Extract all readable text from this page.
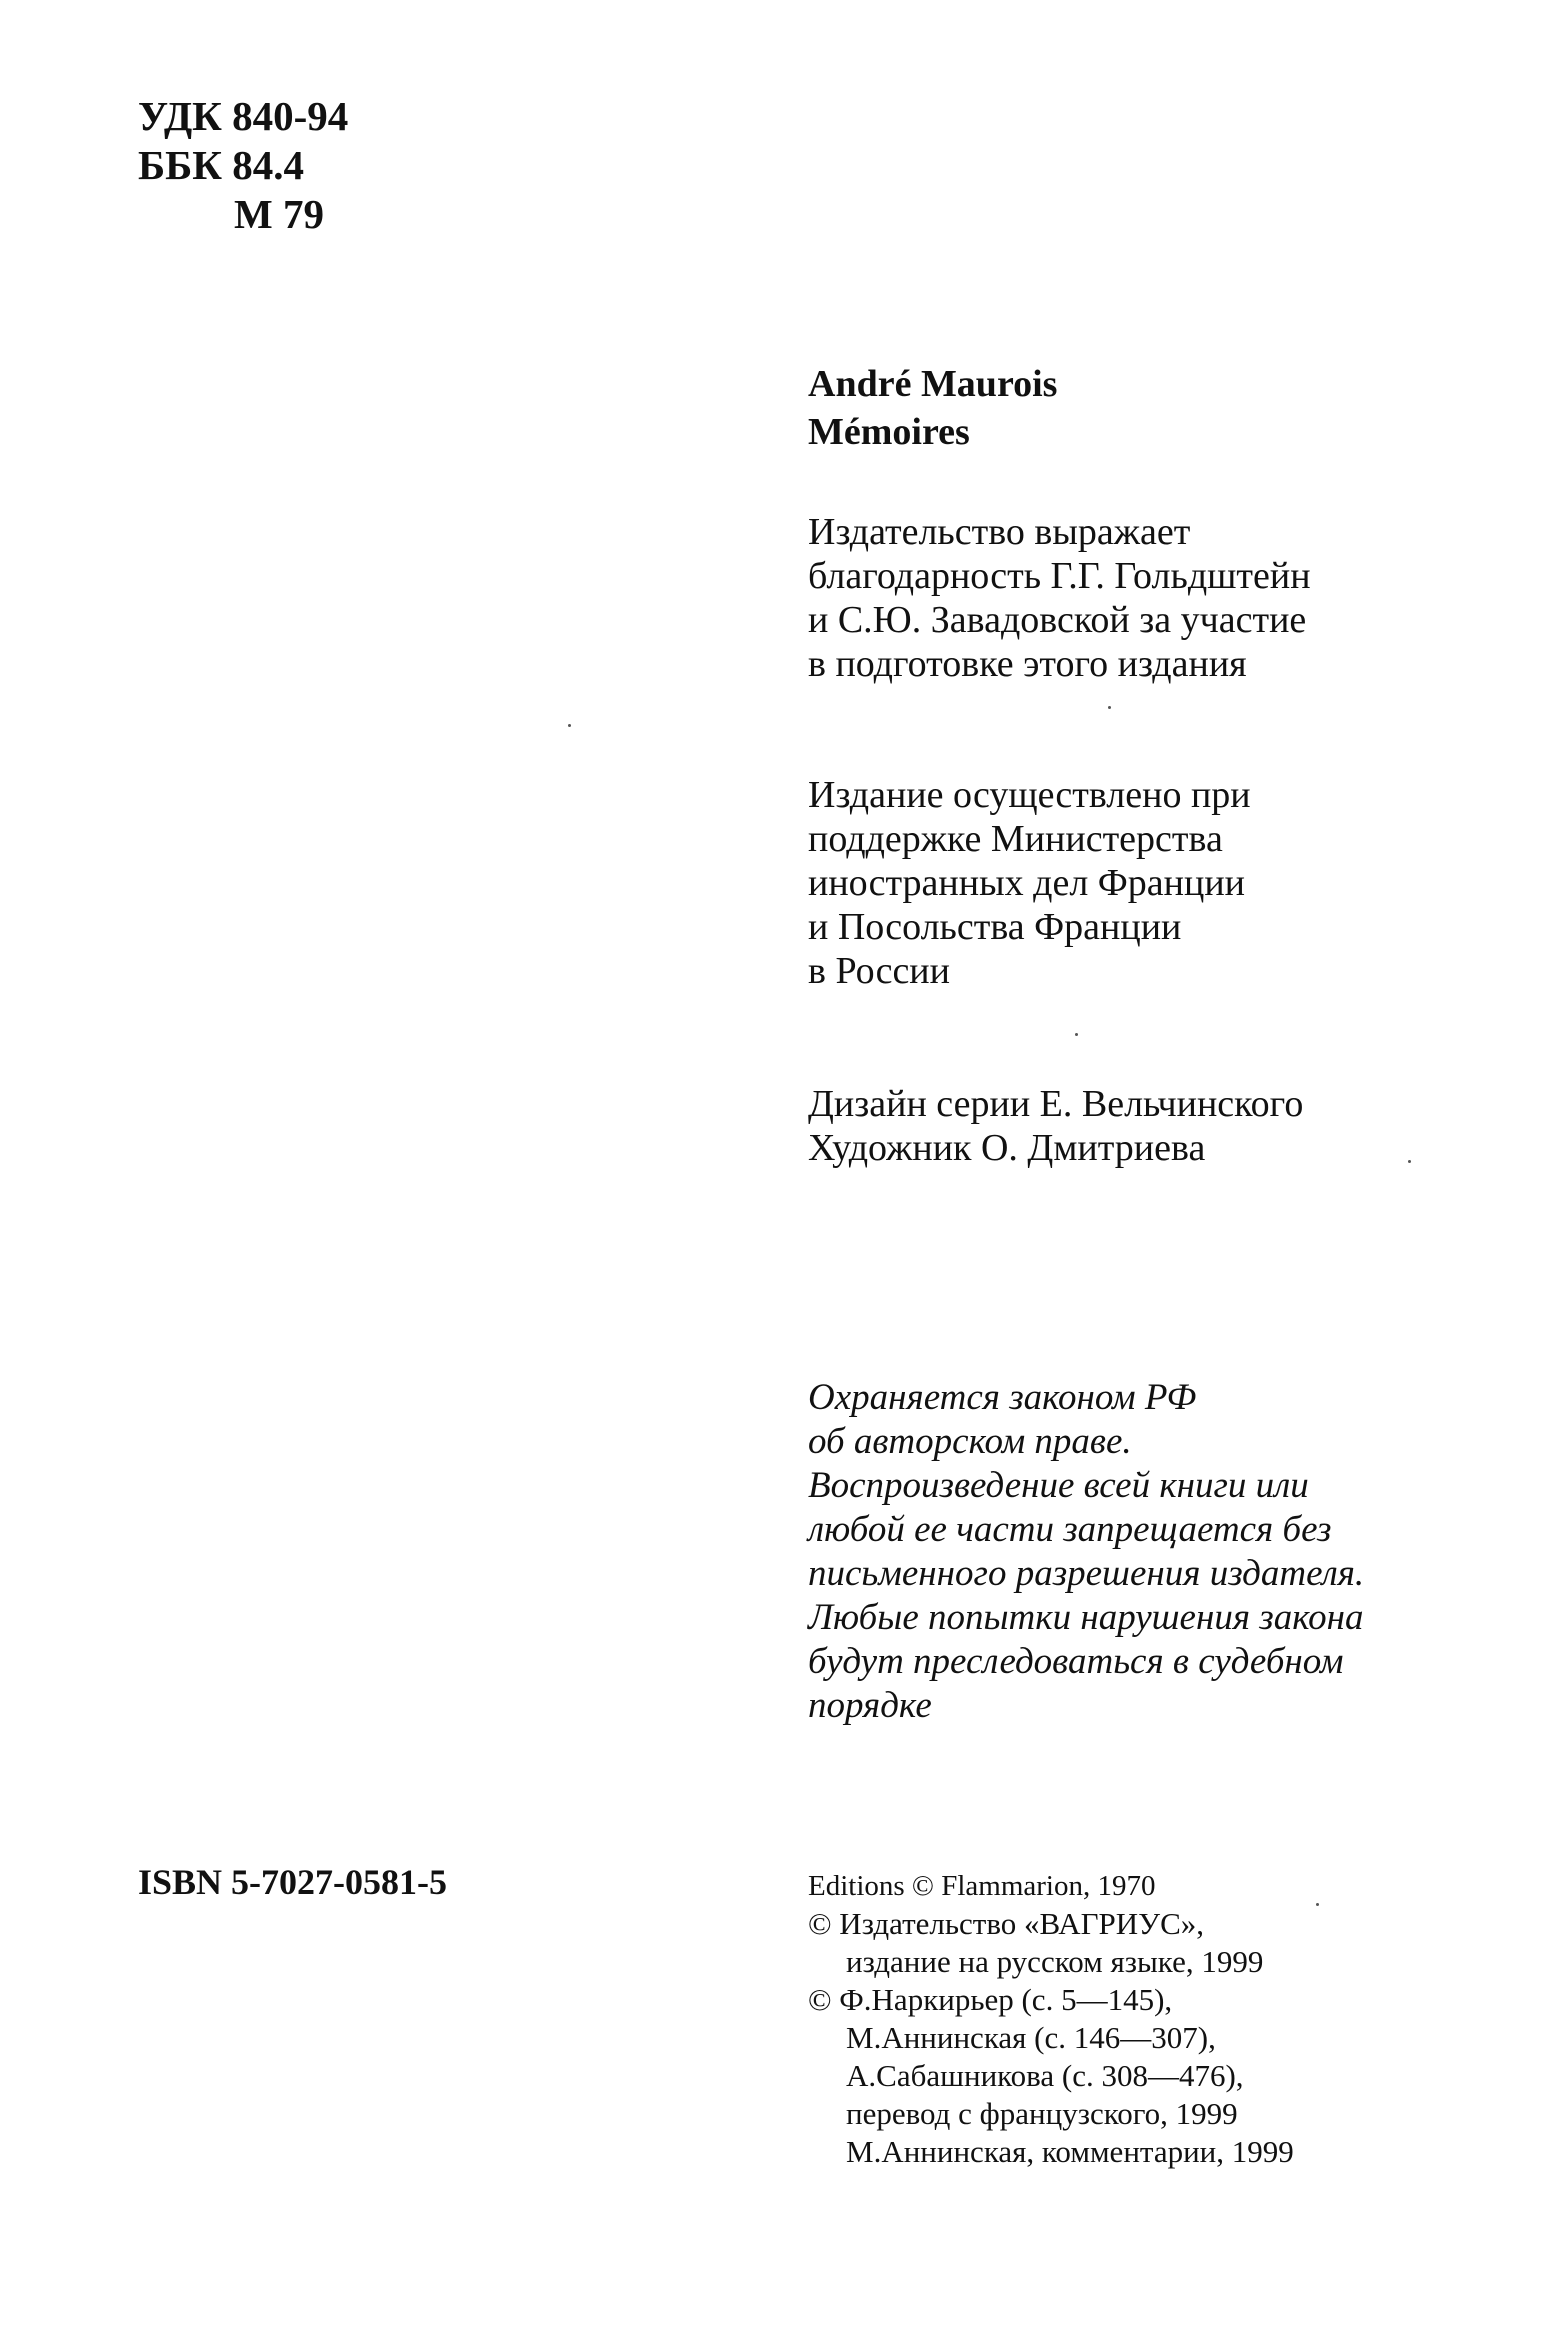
УДК 840-94
ББК 84.4
М 79
André Maurois
Mémoires
Издательство выражает
благодарность Г.Г. Гольдштейн
и С.Ю. Завадовской за участие
в подготовке этого издания
Издание осуществлено при
поддержке Министерства
иностранных дел Франции
и Посольства Франции
в России
Дизайн серии Е. Вельчинского
Художник О. Дмитриева
Охраняется законом РФ
об авторском праве.
Воспроизведение всей книги или
любой ее части запрещается без
письменного разрешения издателя.
Любые попытки нарушения закона
будут преследоваться в судебном
порядке
ISBN 5-7027-0581-5	Editions © Flammarion, 1970
© Издательство «ВАГРИУС»,
издание на русском языке, 1999
© Ф.Наркирьер (с. 5—145),
М.Аннинская (с. 146—307),
А.Сабашникова (с. 308—476),
перевод с французского, 1999
М.Аннинская, комментарии, 1999
